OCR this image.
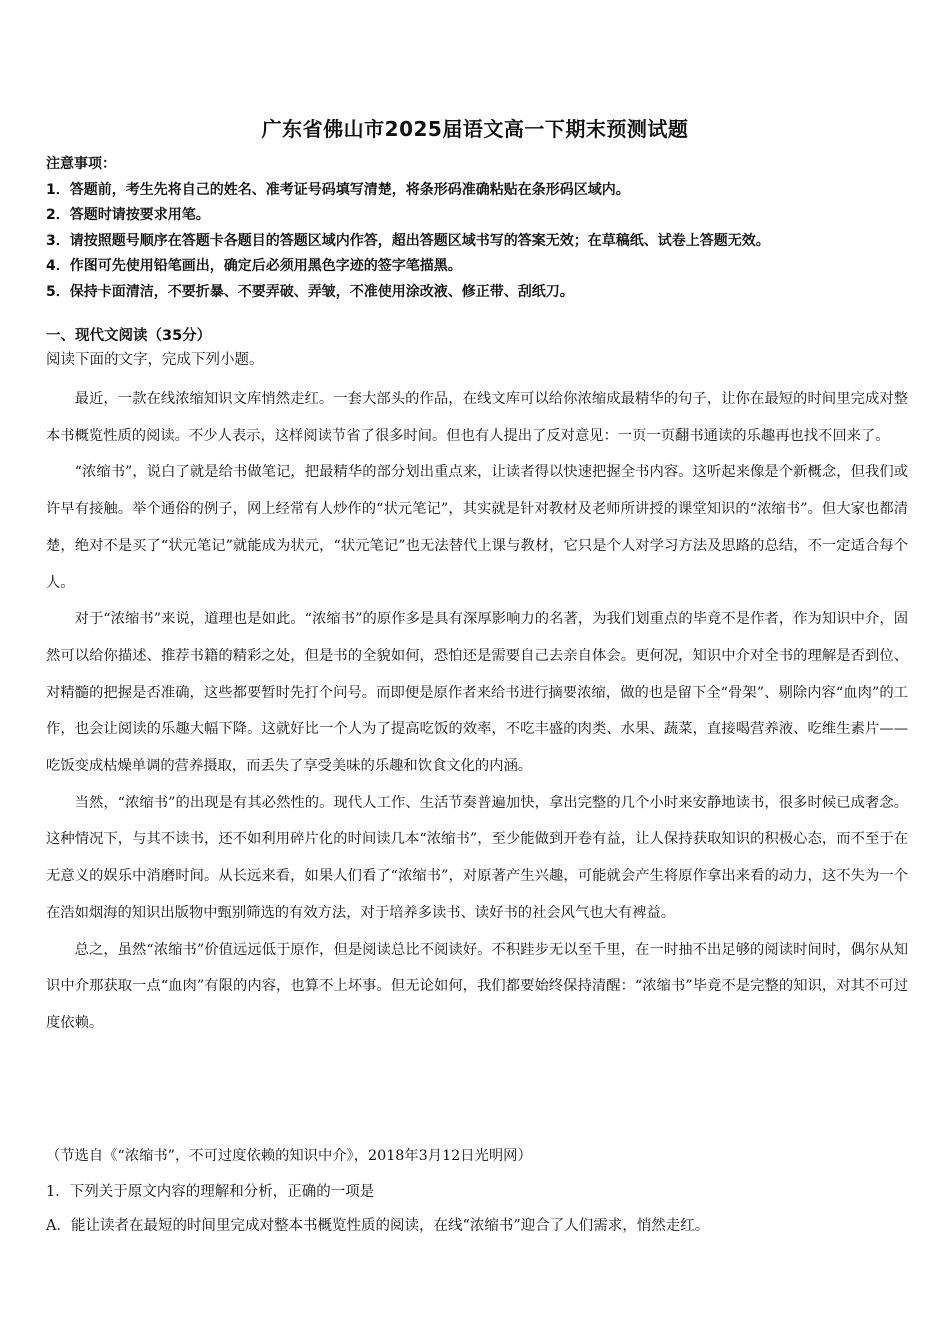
广东省佛山市2025届语文高一下期末预测试题
注意事项：
1．答题前，考生先将自己的姓名、准考证号码填写清楚，将条形码准确粘贴在条形码区域内。
2．答题时请按要求用笔。
3．请按照题号顺序在答题卡各题目的答题区域内作答，超出答题区域书写的答案无效；在草稿纸、试卷上答题无效。
4．作图可先使用铅笔画出，确定后必须用黑色字迹的签字笔描黑。
5．保持卡面清洁，不要折暴、不要弄破、弄皱，不准使用涂改液、修正带、刮纸刀。
一、现代文阅读（35分）
阅读下面的文字，完成下列小题。

最近，一款在线浓缩知识文库悄然走红。一套大部头的作品，在线文库可以给你浓缩成最精华的句子，让你在最短的时间里完成对整本书概览性质的阅读。不少人表示，这样阅读节省了很多时间。但也有人提出了反对意见：一页一页翻书通读的乐趣再也找不回来了。

“浓缩书”，说白了就是给书做笔记，把最精华的部分划出重点来，让读者得以快速把握全书内容。这听起来像是个新概念，但我们或许早有接触。举个通俗的例子，网上经常有人炒作的“状元笔记”，其实就是针对教材及老师所讲授的课堂知识的“浓缩书”。但大家也都清楚，绝对不是买了“状元笔记”就能成为状元，“状元笔记”也无法替代上课与教材，它只是个人对学习方法及思路的总结，不一定适合每个人。

对于“浓缩书”来说，道理也是如此。“浓缩书”的原作多是具有深厚影响力的名著，为我们划重点的毕竟不是作者，作为知识中介，固然可以给你描述、推荐书籍的精彩之处，但是书的全貌如何，恐怕还是需要自己去亲自体会。更何况，知识中介对全书的理解是否到位、对精髓的把握是否准确，这些都要暂时先打个问号。而即便是原作者来给书进行摘要浓缩，做的也是留下全“骨架”、剔除内容“血肉”的工作，也会让阅读的乐趣大幅下降。这就好比一个人为了提高吃饭的效率，不吃丰盛的肉类、水果、蔬菜，直接喝营养液、吃维生素片——吃饭变成枯燥单调的营养摄取，而丢失了享受美味的乐趣和饮食文化的内涵。

当然，“浓缩书”的出现是有其必然性的。现代人工作、生活节奏普遍加快，拿出完整的几个小时来安静地读书，很多时候已成奢念。这种情况下，与其不读书，还不如利用碎片化的时间读几本“浓缩书”，至少能做到开卷有益，让人保持获取知识的积极心态，而不至于在无意义的娱乐中消磨时间。从长远来看，如果人们看了“浓缩书”，对原著产生兴趣，可能就会产生将原作拿出来看的动力，这不失为一个在浩如烟海的知识出版物中甄别筛选的有效方法，对于培养多读书、读好书的社会风气也大有裨益。

总之，虽然“浓缩书”价值远远低于原作，但是阅读总比不阅读好。不积跬步无以至千里，在一时抽不出足够的阅读时间时，偶尔从知识中介那获取一点“血肉”有限的内容，也算不上坏事。但无论如何，我们都要始终保持清醒：“浓缩书”毕竟不是完整的知识，对其不可过度依赖。

（节选自《“浓缩书”，不可过度依赖的知识中介》，2018年3月12日光明网）
1．下列关于原文内容的理解和分析，正确的一项是
A．能让读者在最短的时间里完成对整本书概览性质的阅读，在线“浓缩书”迎合了人们需求，悄然走红。
